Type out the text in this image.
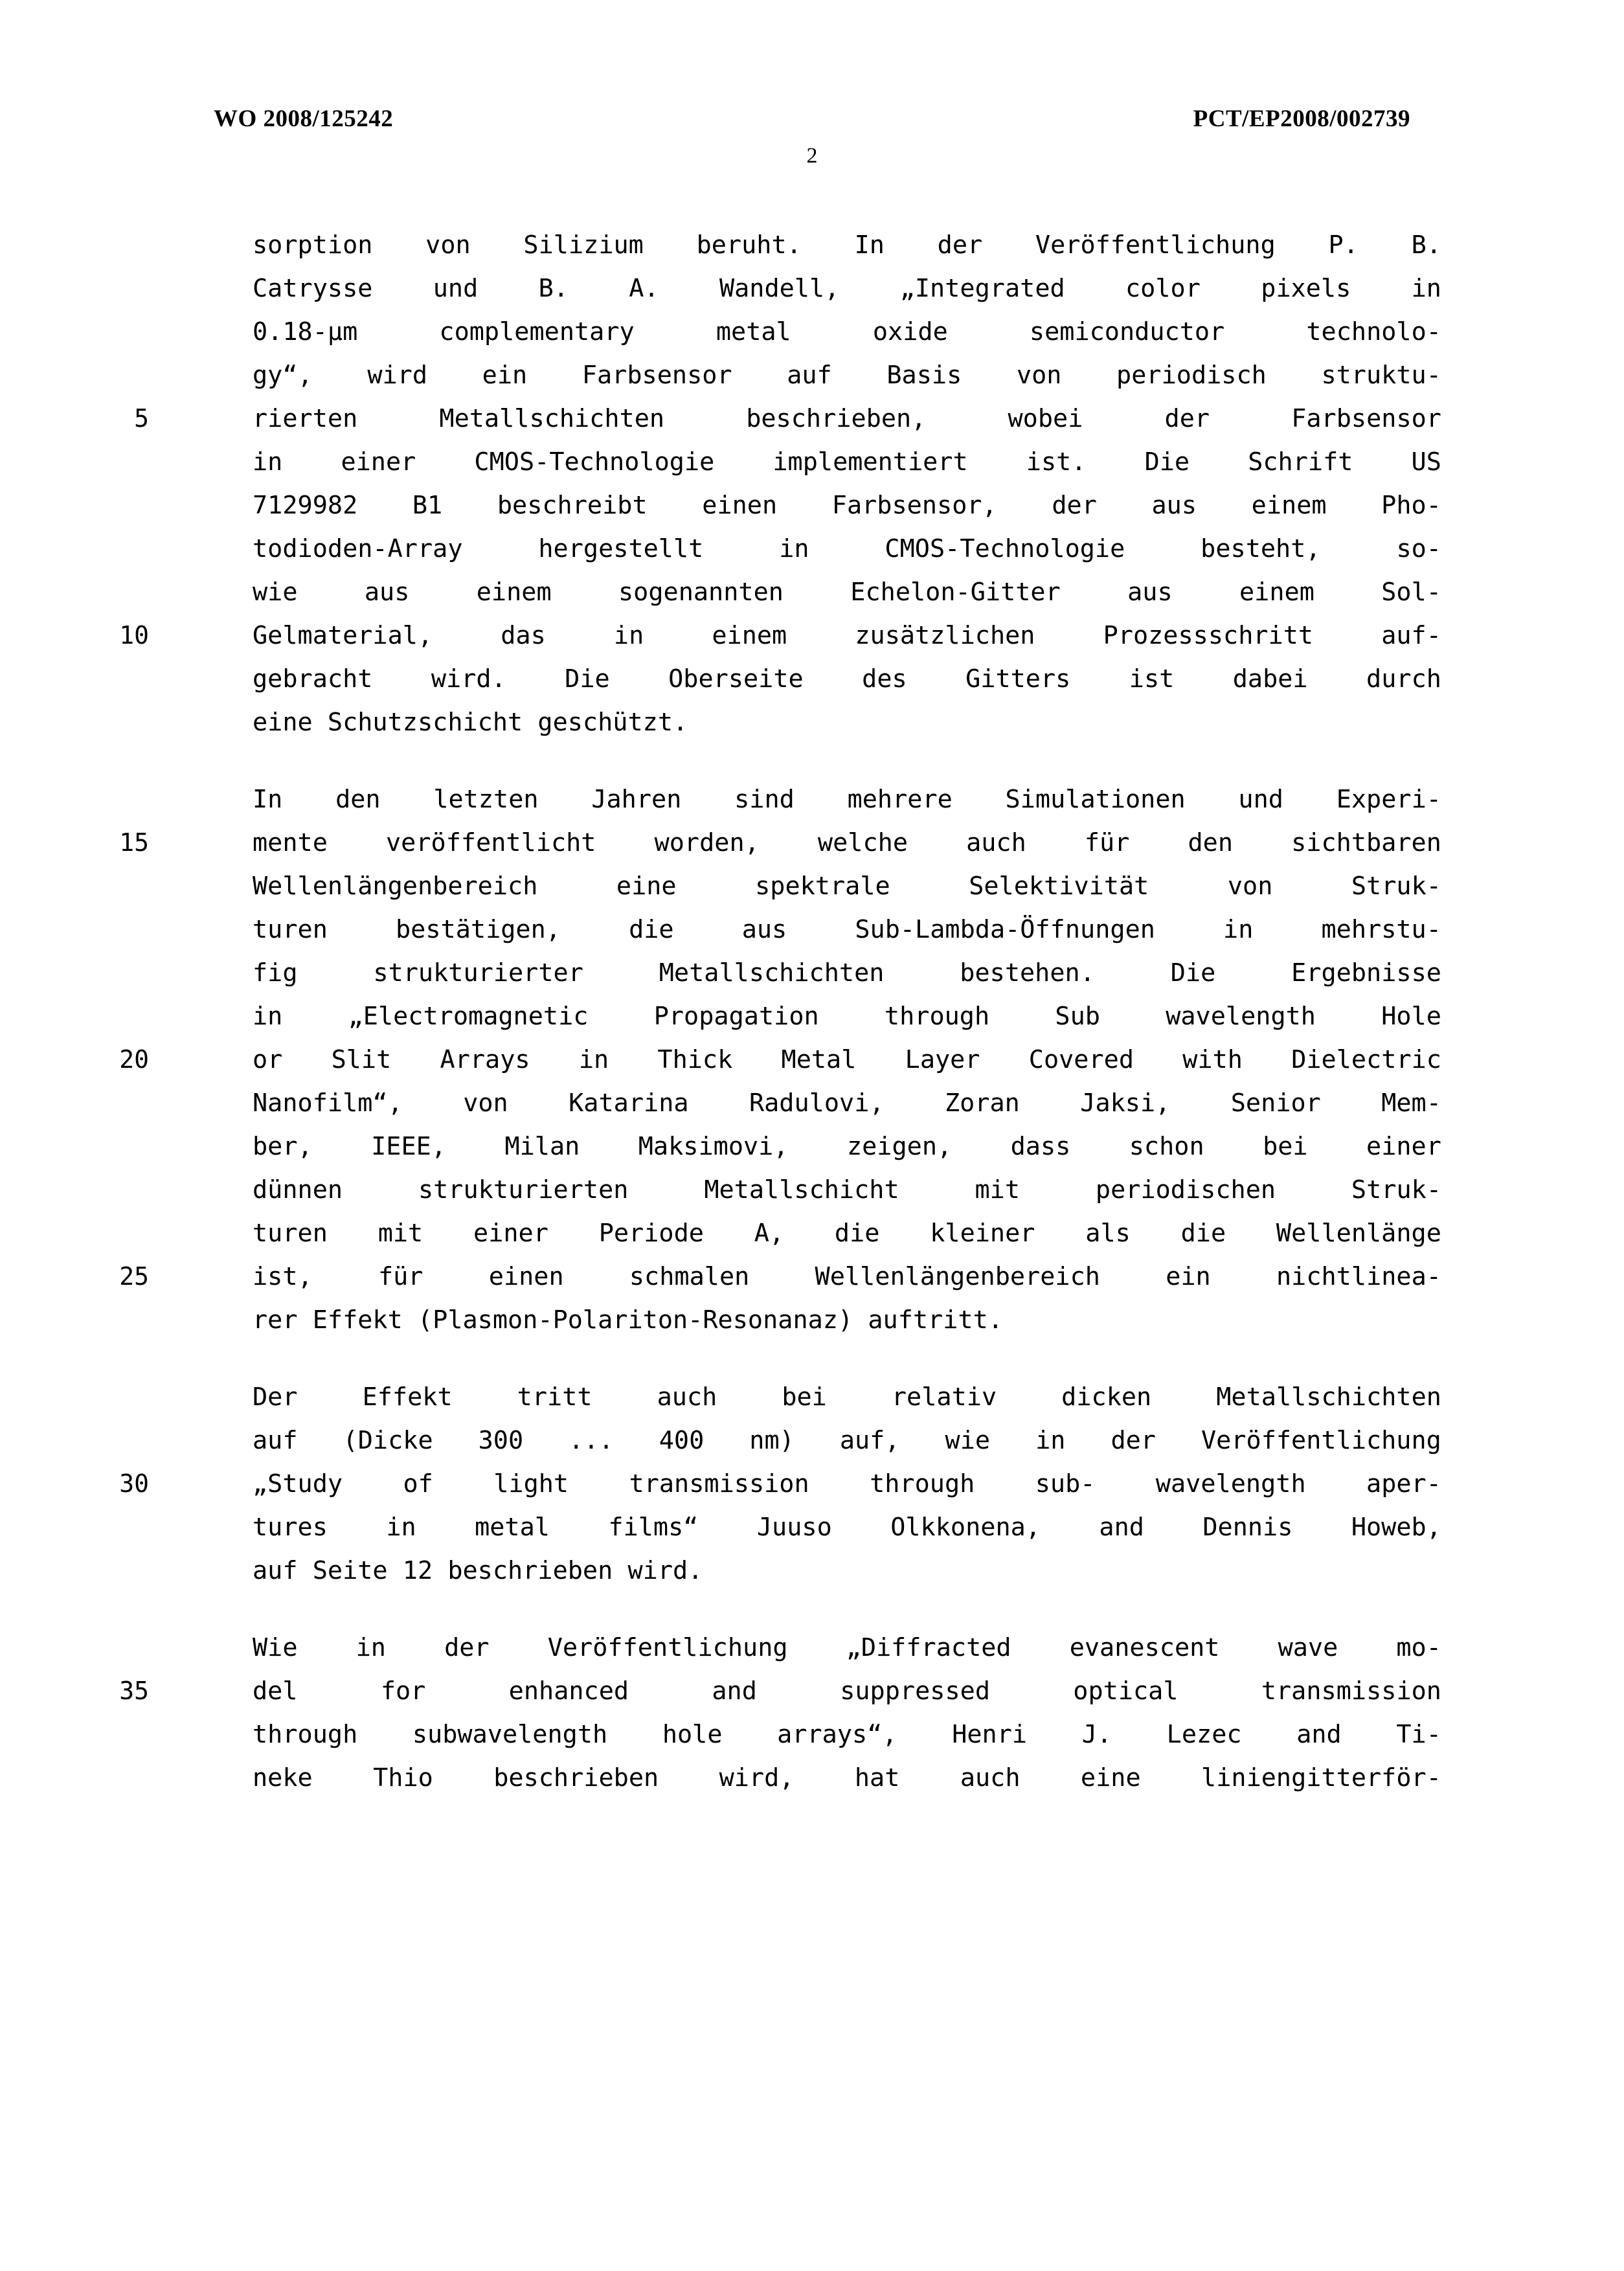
WO 2008/125242	PCT/EP2008/002739
2
sorption von Silizium beruht. In der Veröffentlichung P. B.
Catrysse und B. A. Wandell, „Integrated color pixels in
0.18-µm	complementary	metal	oxide	semiconductor	technolo-
gy“, wird ein Farbsensor auf Basis von periodisch struktu-
5	rierten	Metallschichten	beschrieben,	wobei	der	Farbsensor
in einer CMOS-Technologie implementiert ist. Die Schrift US
7129982 B1 beschreibt einen Farbsensor, der aus einem Pho-
todioden-Array	hergestellt	in	CMOS-Technologie	besteht,	so-
wie	aus	einem	sogenannten	Echelon-Gitter	aus	einem	Sol-
10	Gelmaterial,	das	in	einem	zusätzlichen	Prozessschritt	auf-
gebracht wird. Die Oberseite des Gitters ist dabei durch
eine Schutzschicht geschützt.
In den letzten Jahren sind mehrere Simulationen und Experi-
15	mente veröffentlicht worden, welche auch für den sichtbaren
Wellenlängenbereich	eine	spektrale	Selektivität	von	Struk-
turen	bestätigen,	die	aus	Sub-Lambda-Öffnungen	in	mehrstu-
fig	strukturierter	Metallschichten	bestehen.	Die	Ergebnisse
in	„Electromagnetic	Propagation	through	Sub	wavelength	Hole
20	or Slit Arrays in Thick Metal Layer Covered with Dielectric
Nanofilm“, von Katarina Radulovi, Zoran Jaksi, Senior Mem-
ber, IEEE, Milan Maksimovi, zeigen, dass schon bei einer
dünnen	strukturierten	Metallschicht	mit	periodischen	Struk-
turen mit einer Periode A, die kleiner als die Wellenlänge
25	ist,	für	einen	schmalen	Wellenlängenbereich	ein	nichtlinea-
rer Effekt (Plasmon-Polariton-Resonanaz) auftritt.
Der	Effekt	tritt	auch	bei	relativ	dicken	Metallschichten
auf (Dicke 300 ... 400 nm) auf, wie in der Veröffentlichung
30	„Study of light transmission through sub- wavelength aper-
tures in metal films“ Juuso Olkkonena, and Dennis Howeb,
auf Seite 12 beschrieben wird.
Wie in der Veröffentlichung „Diffracted evanescent wave mo-
35	del	for	enhanced	and	suppressed	optical	transmission
through subwavelength hole arrays“, Henri J. Lezec and Ti-
neke Thio beschrieben wird, hat auch eine liniengitterför-
